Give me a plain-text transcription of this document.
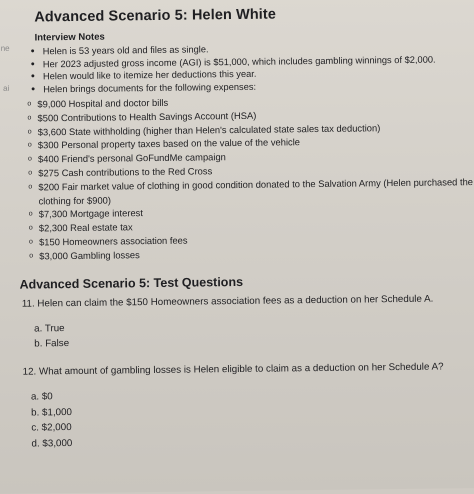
ne
ai
Advanced Scenario 5: Helen White
Interview Notes
• Helen is 53 years old and files as single.
• Her 2023 adjusted gross income (AGI) is $51,000, which includes gambling winnings of $2,000.
• Helen would like to itemize her deductions this year.
• Helen brings documents for the following expenses:
o $9,000 Hospital and doctor bills
o $500 Contributions to Health Savings Account (HSA)
o $3,600 State withholding (higher than Helen's calculated state sales tax deduction)
o $300 Personal property taxes based on the value of the vehicle
o $400 Friend's personal GoFundMe campaign
o $275 Cash contributions to the Red Cross
o $200 Fair market value of clothing in good condition donated to the Salvation Army (Helen purchased the clothing for $900)
o $7,300 Mortgage interest
o $2,300 Real estate tax
o $150 Homeowners association fees
o $3,000 Gambling losses
Advanced Scenario 5: Test Questions
11. Helen can claim the $150 Homeowners association fees as a deduction on her Schedule A.
a. True
b. False
12. What amount of gambling losses is Helen eligible to claim as a deduction on her Schedule A?
a. $0
b. $1,000
c. $2,000
d. $3,000
